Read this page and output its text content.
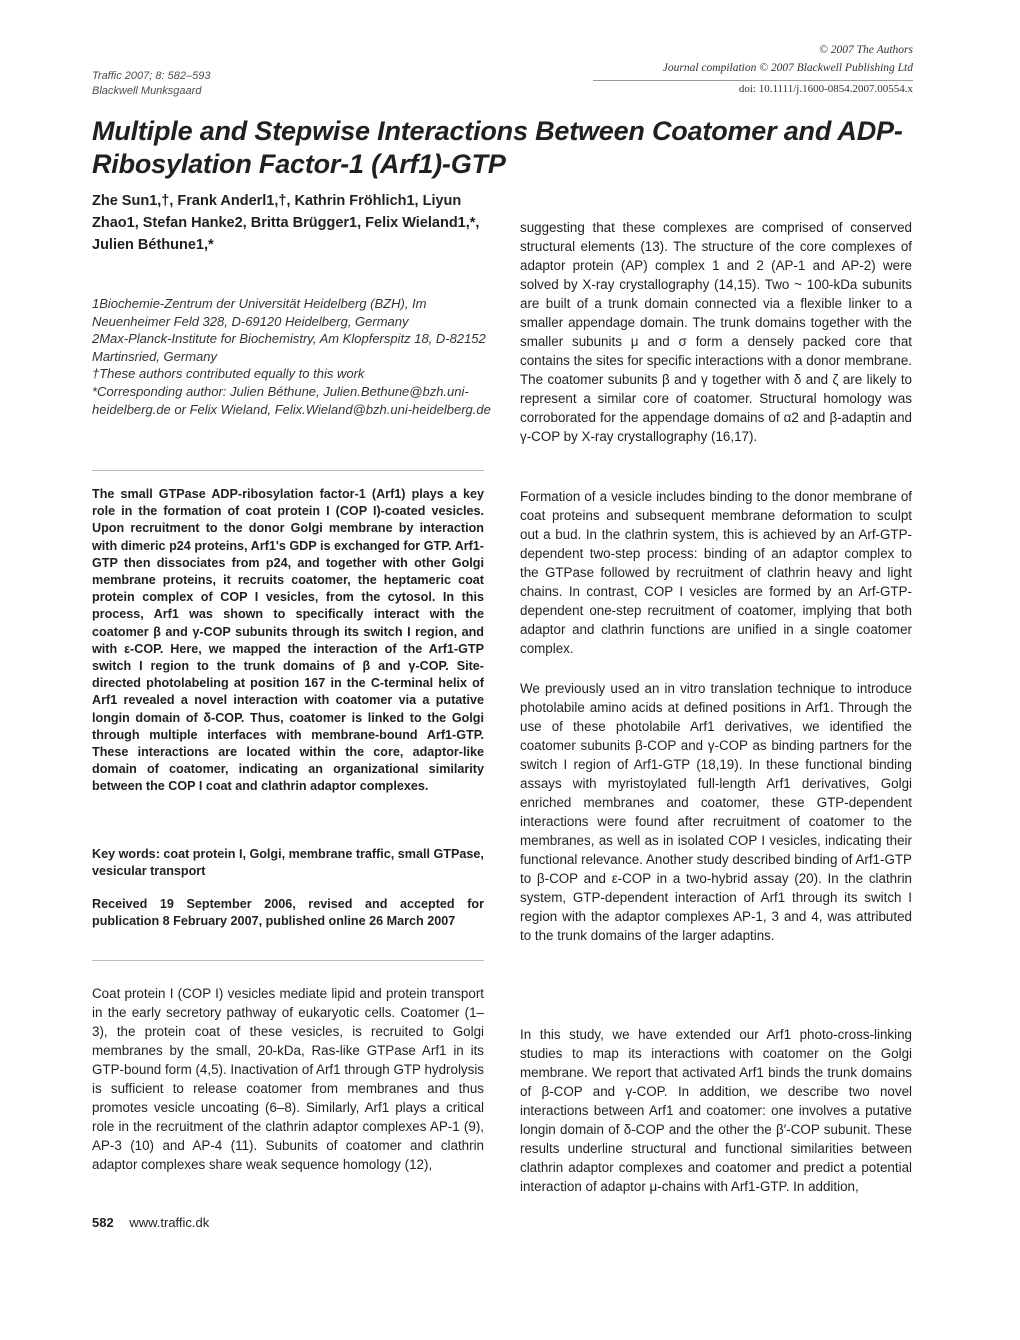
Traffic 2007; 8: 582–593
Blackwell Munksgaard
© 2007 The Authors
Journal compilation © 2007 Blackwell Publishing Ltd
doi: 10.1111/j.1600-0854.2007.00554.x
Multiple and Stepwise Interactions Between Coatomer and ADP-Ribosylation Factor-1 (Arf1)-GTP
Zhe Sun1,†, Frank Anderl1,†, Kathrin Fröhlich1, Liyun Zhao1, Stefan Hanke2, Britta Brügger1, Felix Wieland1,*, Julien Béthune1,*

1Biochemie-Zentrum der Universität Heidelberg (BZH), Im Neuenheimer Feld 328, D-69120 Heidelberg, Germany

2Max-Planck-Institute for Biochemistry, Am Klopferspitz 18, D-82152 Martinsried, Germany

†These authors contributed equally to this work

*Corresponding author: Julien Béthune, Julien.Bethune@bzh.uni-heidelberg.de or Felix Wieland, Felix.Wieland@bzh.uni-heidelberg.de

The small GTPase ADP-ribosylation factor-1 (Arf1) plays a key role in the formation of coat protein I (COP I)-coated vesicles. Upon recruitment to the donor Golgi membrane by interaction with dimeric p24 proteins, Arf1's GDP is exchanged for GTP. Arf1-GTP then dissociates from p24, and together with other Golgi membrane proteins, it recruits coatomer, the heptameric coat protein complex of COP I vesicles, from the cytosol. In this process, Arf1 was shown to specifically interact with the coatomer β and γ-COP subunits through its switch I region, and with ε-COP. Here, we mapped the interaction of the Arf1-GTP switch I region to the trunk domains of β and γ-COP. Site-directed photolabeling at position 167 in the C-terminal helix of Arf1 revealed a novel interaction with coatomer via a putative longin domain of δ-COP. Thus, coatomer is linked to the Golgi through multiple interfaces with membrane-bound Arf1-GTP. These interactions are located within the core, adaptor-like domain of coatomer, indicating an organizational similarity between the COP I coat and clathrin adaptor complexes.

Key words: coat protein I, Golgi, membrane traffic, small GTPase, vesicular transport

Received 19 September 2006, revised and accepted for publication 8 February 2007, published online 26 March 2007

Coat protein I (COP I) vesicles mediate lipid and protein transport in the early secretory pathway of eukaryotic cells. Coatomer (1–3), the protein coat of these vesicles, is recruited to Golgi membranes by the small, 20-kDa, Ras-like GTPase Arf1 in its GTP-bound form (4,5). Inactivation of Arf1 through GTP hydrolysis is sufficient to release coatomer from membranes and thus promotes vesicle uncoating (6–8). Similarly, Arf1 plays a critical role in the recruitment of the clathrin adaptor complexes AP-1 (9), AP-3 (10) and AP-4 (11). Subunits of coatomer and clathrin adaptor complexes share weak sequence homology (12),

suggesting that these complexes are comprised of conserved structural elements (13). The structure of the core complexes of adaptor protein (AP) complex 1 and 2 (AP-1 and AP-2) were solved by X-ray crystallography (14,15). Two ~ 100-kDa subunits are built of a trunk domain connected via a flexible linker to a smaller appendage domain. The trunk domains together with the smaller subunits μ and σ form a densely packed core that contains the sites for specific interactions with a donor membrane. The coatomer subunits β and γ together with δ and ζ are likely to represent a similar core of coatomer. Structural homology was corroborated for the appendage domains of α2 and β-adaptin and γ-COP by X-ray crystallography (16,17).

Formation of a vesicle includes binding to the donor membrane of coat proteins and subsequent membrane deformation to sculpt out a bud. In the clathrin system, this is achieved by an Arf-GTP-dependent two-step process: binding of an adaptor complex to the GTPase followed by recruitment of clathrin heavy and light chains. In contrast, COP I vesicles are formed by an Arf-GTP-dependent one-step recruitment of coatomer, implying that both adaptor and clathrin functions are unified in a single coatomer complex.

We previously used an in vitro translation technique to introduce photolabile amino acids at defined positions in Arf1. Through the use of these photolabile Arf1 derivatives, we identified the coatomer subunits β-COP and γ-COP as binding partners for the switch I region of Arf1-GTP (18,19). In these functional binding assays with myristoylated full-length Arf1 derivatives, Golgi enriched membranes and coatomer, these GTP-dependent interactions were found after recruitment of coatomer to the membranes, as well as in isolated COP I vesicles, indicating their functional relevance. Another study described binding of Arf1-GTP to β-COP and ε-COP in a two-hybrid assay (20). In the clathrin system, GTP-dependent interaction of Arf1 through its switch I region with the adaptor complexes AP-1, 3 and 4, was attributed to the trunk domains of the larger adaptins.

In this study, we have extended our Arf1 photo-cross-linking studies to map its interactions with coatomer on the Golgi membrane. We report that activated Arf1 binds the trunk domains of β-COP and γ-COP. In addition, we describe two novel interactions between Arf1 and coatomer: one involves a putative longin domain of δ-COP and the other the β′-COP subunit. These results underline structural and functional similarities between clathrin adaptor complexes and coatomer and predict a potential interaction of adaptor μ-chains with Arf1-GTP. In addition,

582 www.traffic.dk
